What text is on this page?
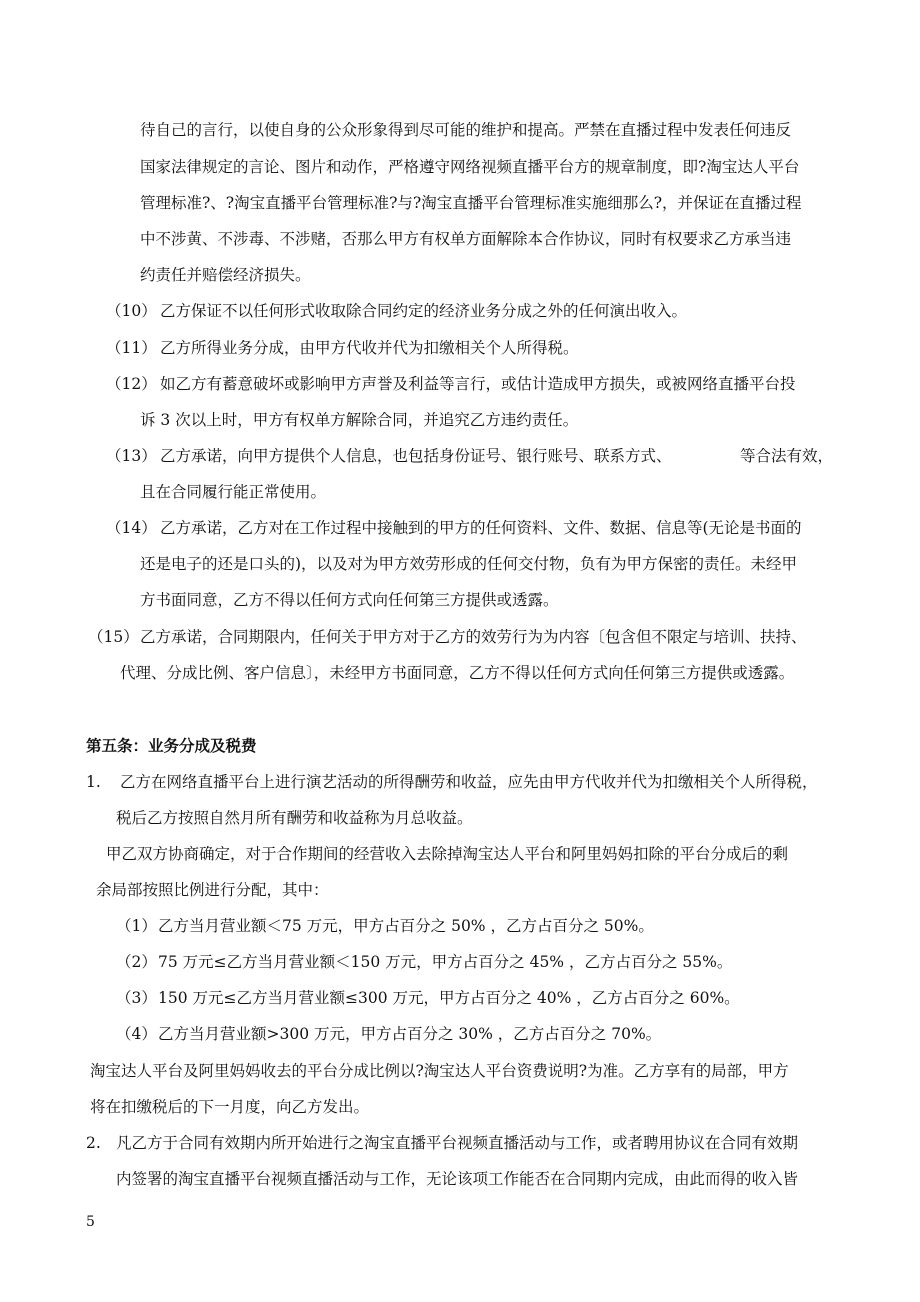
待自己的言行，以使自身的公众形象得到尽可能的维护和提高。严禁在直播过程中发表任何违反
国家法律规定的言论、图片和动作，严格遵守网络视频直播平台方的规章制度，即?淘宝达人平台
管理标准?、?淘宝直播平台管理标准?与?淘宝直播平台管理标准实施细那么?，并保证在直播过程
中不涉黄、不涉毒、不涉赌，否那么甲方有权单方面解除本合作协议，同时有权要求乙方承当违
约责任并赔偿经济损失。
（10） 乙方保证不以任何形式收取除合同约定的经济业务分成之外的任何演出收入。
（11） 乙方所得业务分成，由甲方代收并代为扣缴相关个人所得税。
（12） 如乙方有蓄意破坏或影响甲方声誉及利益等言行，或估计造成甲方损失，或被网络直播平台投
诉 3 次以上时，甲方有权单方解除合同，并追究乙方违约责任。
（13） 乙方承诺，向甲方提供个人信息，也包括身份证号、银行账号、联系方式、	等合法有效，
且在合同履行能正常使用。
（14） 乙方承诺，乙方对在工作过程中接触到的甲方的任何资料、文件、数据、信息等(无论是书面的
还是电子的还是口头的)，以及对为甲方效劳形成的任何交付物，负有为甲方保密的责任。未经甲
方书面同意，乙方不得以任何方式向任何第三方提供或透露。
（15） 乙方承诺，合同期限内，任何关于甲方对于乙方的效劳行为为内容〔包含但不限定与培训、扶持、
代理、分成比例、客户信息〕，未经甲方书面同意，乙方不得以任何方式向任何第三方提供或透露。
第五条：业务分成及税费
1. 乙方在网络直播平台上进行演艺活动的所得酬劳和收益，应先由甲方代收并代为扣缴相关个人所得税，
税后乙方按照自然月所有酬劳和收益称为月总收益。
甲乙双方协商确定，对于合作期间的经营收入去除掉淘宝达人平台和阿里妈妈扣除的平台分成后的剩
余局部按照比例进行分配，其中：
（1） 乙方当月营业额＜75 万元，甲方占百分之 50% ，乙方占百分之 50%。
（2） 75 万元≤乙方当月营业额＜150 万元，甲方占百分之 45% ，乙方占百分之 55%。
（3） 150 万元≤乙方当月营业额≤300 万元，甲方占百分之 40% ，乙方占百分之 60%。
（4） 乙方当月营业额>300 万元，甲方占百分之 30% ，乙方占百分之 70%。
淘宝达人平台及阿里妈妈收去的平台分成比例以?淘宝达人平台资费说明?为准。乙方享有的局部，甲方
将在扣缴税后的下一月度，向乙方发出。
2. 凡乙方于合同有效期内所开始进行之淘宝直播平台视频直播活动与工作，或者聘用协议在合同有效期
内签署的淘宝直播平台视频直播活动与工作，无论该项工作能否在合同期内完成，由此而得的收入皆
5
